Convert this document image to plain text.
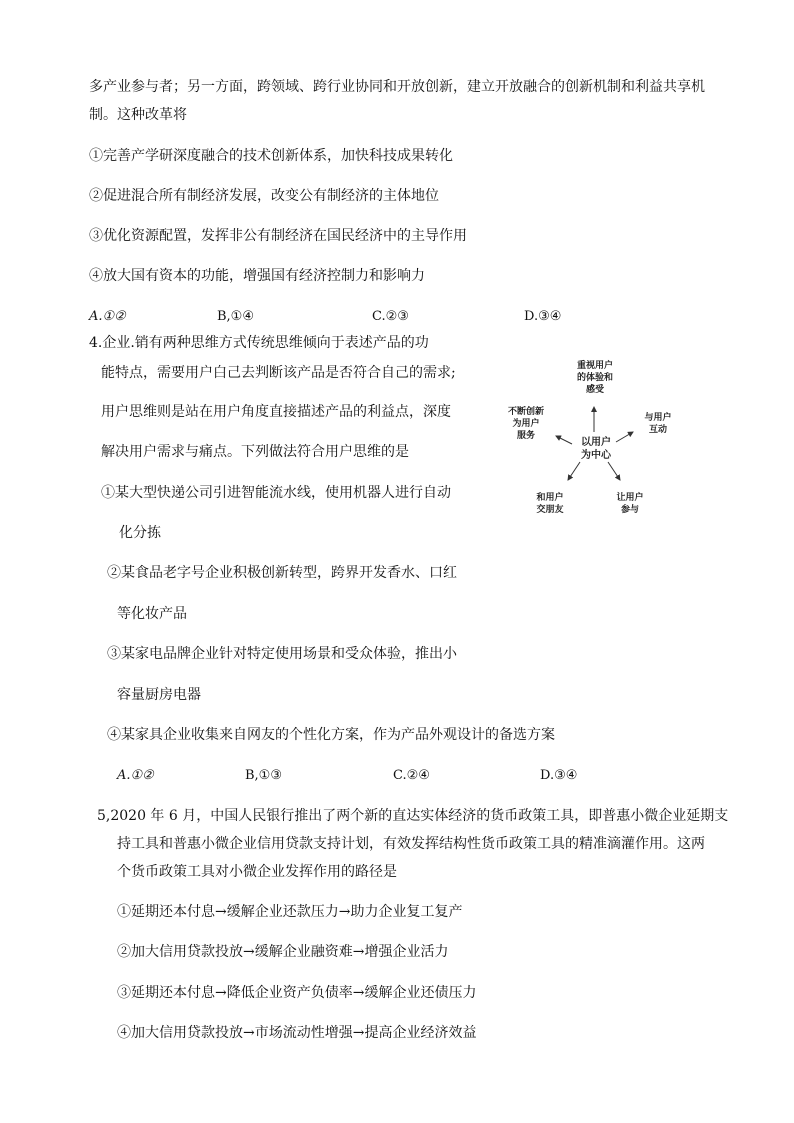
多产业参与者；另一方面，跨领域、跨行业协同和开放创新，建立开放融合的创新机制和利益共享机
制。这种改革将
①完善产学研深度融合的技术创新体系，加快科技成果转化
②促进混合所有制经济发展，改变公有制经济的主体地位
③优化资源配置，发挥非公有制经济在国民经济中的主导作用
④放大国有资本的功能，增强国有经济控制力和影响力
A.①②	B,①④	C.②③	D.③④
4.企业.销有两种思维方式传统思维倾向于表述产品的功
能特点，需要用户白己去判断该产品是否符合自己的需求;
用户思维则是站在用户角度直接描述产品的利益点，深度
解决用户需求与痛点。下列做法符合用户思维的是
①某大型快递公司引进智能流水线，使用机器人进行自动
化分拣
②某食品老字号企业积极创新转型，跨界开发香水、口红
等化妆产品
③某家电品牌企业针对特定使用场景和受众体验，推出小
容量厨房电器
④某家具企业收集来自网友的个性化方案，作为产品外观设计的备选方案
A.①②	B,①③	C.②④	D.③④
以用户
为中心
重视用户
的体验和
感受
与用户
互动
让用户
参与
和用户
交朋友
不断创新
为用户
服务
5,2020 年 6 月，中国人民银行推出了两个新的直达实体经济的货币政策工具，即普惠小微企业延期支
持工具和普惠小微企业信用贷款支持计划，有效发挥结构性货币政策工具的精准滴灌作用。这两
个货币政策工具对小微企业发挥作用的路径是
①延期还本付息→缓解企业还款压力→助力企业复工复产
②加大信用贷款投放→缓解企业融资难→增强企业活力
③延期还本付息→降低企业资产负债率→缓解企业还债压力
④加大信用贷款投放→市场流动性增强→提高企业经济效益
